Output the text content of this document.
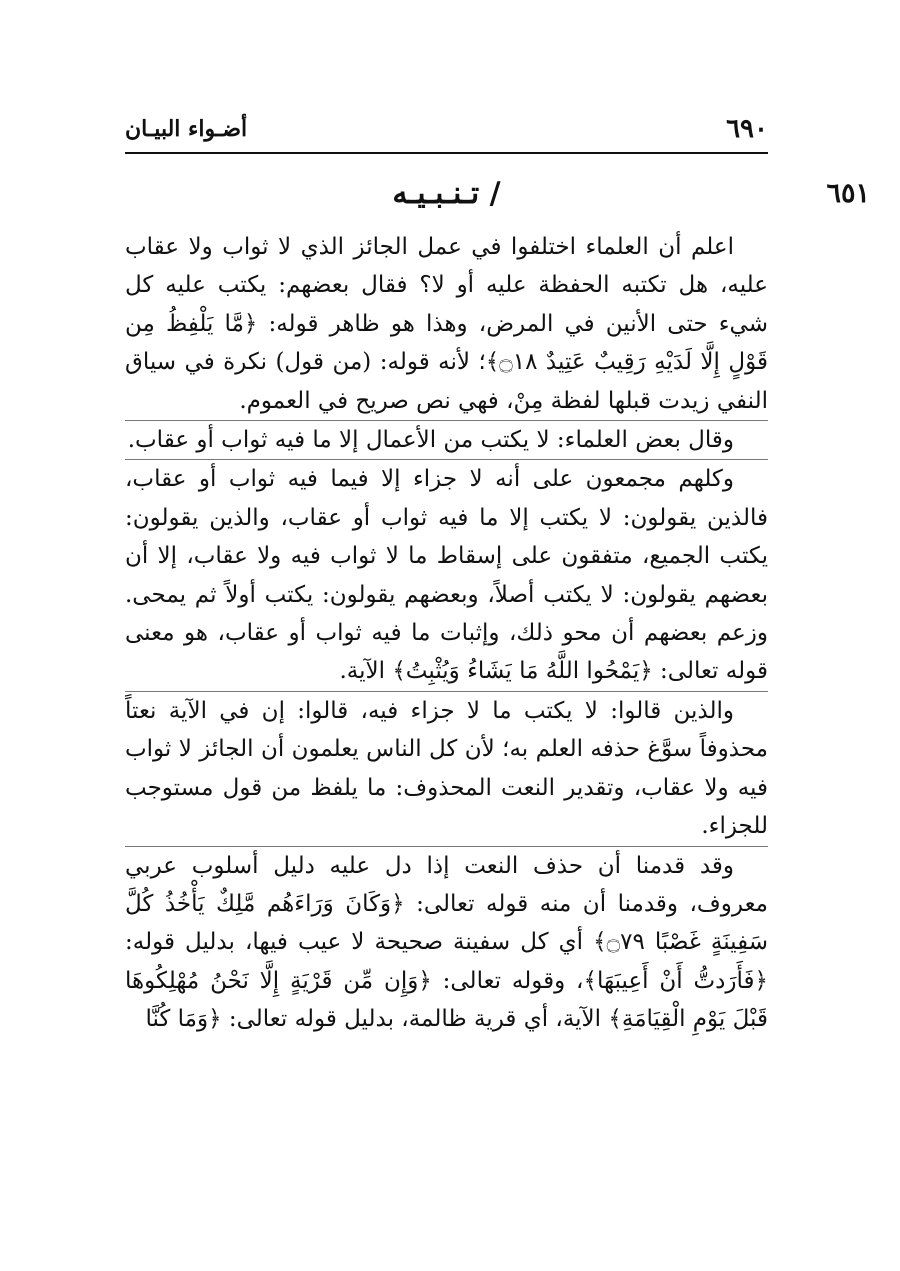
٦٩٠
أضـواء البيـان
٦٥١
/ تـنـبـيـه

اعلم أن العلماء اختلفوا في عمل الجائز الذي لا ثواب ولا عقاب عليه، هل تكتبه الحفظة عليه أو لا؟ فقال بعضهم: يكتب عليه كل شيء حتى الأنين في المرض، وهذا هو ظاهر قوله: ﴿مَّا يَلْفِظُ مِن قَوْلٍ إِلَّا لَدَيْهِ رَقِيبٌ عَتِيدٌ ۝١٨﴾؛ لأنه قوله: (من قول) نكرة في سياق النفي زيدت قبلها لفظة مِنْ، فهي نص صريح في العموم.

وقال بعض العلماء: لا يكتب من الأعمال إلا ما فيه ثواب أو عقاب.

وكلهم مجمعون على أنه لا جزاء إلا فيما فيه ثواب أو عقاب، فالذين يقولون: لا يكتب إلا ما فيه ثواب أو عقاب، والذين يقولون: يكتب الجميع، متفقون على إسقاط ما لا ثواب فيه ولا عقاب، إلا أن بعضهم يقولون: لا يكتب أصلاً، وبعضهم يقولون: يكتب أولاً ثم يمحى. وزعم بعضهم أن محو ذلك، وإثبات ما فيه ثواب أو عقاب، هو معنى قوله تعالى: ﴿يَمْحُوا اللَّهُ مَا يَشَاءُ وَيُثْبِتُ﴾ الآية.

والذين قالوا: لا يكتب ما لا جزاء فيه، قالوا: إن في الآية نعتاً محذوفاً سوَّغ حذفه العلم به؛ لأن كل الناس يعلمون أن الجائز لا ثواب فيه ولا عقاب، وتقدير النعت المحذوف: ما يلفظ من قول مستوجب للجزاء.

وقد قدمنا أن حذف النعت إذا دل عليه دليل أسلوب عربي معروف، وقدمنا أن منه قوله تعالى: ﴿وَكَانَ وَرَاءَهُم مَّلِكٌ يَأْخُذُ كُلَّ سَفِينَةٍ غَصْبًا ۝٧٩﴾ أي كل سفينة صحيحة لا عيب فيها، بدليل قوله: ﴿فَأَرَدتُّ أَنْ أَعِيبَهَا﴾، وقوله تعالى: ﴿وَإِن مِّن قَرْيَةٍ إِلَّا نَحْنُ مُهْلِكُوهَا قَبْلَ يَوْمِ الْقِيَامَةِ﴾ الآية، أي قرية ظالمة، بدليل قوله تعالى: ﴿وَمَا كُنَّا
